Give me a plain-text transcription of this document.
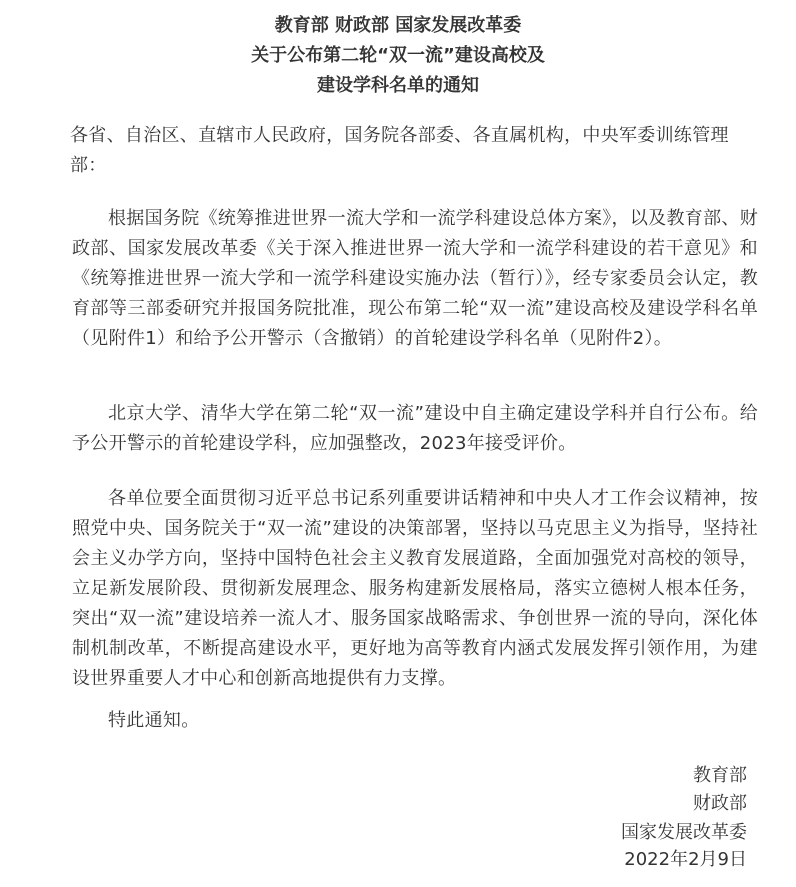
教育部 财政部 国家发展改革委
关于公布第二轮“双一流”建设高校及
建设学科名单的通知

各省、自治区、直辖市人民政府，国务院各部委、各直属机构，中央军委训练管理部：

根据国务院《统筹推进世界一流大学和一流学科建设总体方案》，以及教育部、财政部、国家发展改革委《关于深入推进世界一流大学和一流学科建设的若干意见》和《统筹推进世界一流大学和一流学科建设实施办法（暂行）》，经专家委员会认定，教育部等三部委研究并报国务院批准，现公布第二轮“双一流”建设高校及建设学科名单（见附件1）和给予公开警示（含撤销）的首轮建设学科名单（见附件2）。

北京大学、清华大学在第二轮“双一流”建设中自主确定建设学科并自行公布。给予公开警示的首轮建设学科，应加强整改，2023年接受评价。

各单位要全面贯彻习近平总书记系列重要讲话精神和中央人才工作会议精神，按照党中央、国务院关于“双一流”建设的决策部署，坚持以马克思主义为指导，坚持社会主义办学方向，坚持中国特色社会主义教育发展道路，全面加强党对高校的领导，立足新发展阶段、贯彻新发展理念、服务构建新发展格局，落实立德树人根本任务，突出“双一流”建设培养一流人才、服务国家战略需求、争创世界一流的导向，深化体制机制改革，不断提高建设水平，更好地为高等教育内涵式发展发挥引领作用，为建设世界重要人才中心和创新高地提供有力支撑。

特此通知。

教育部
财政部
国家发展改革委
2022年2月9日
